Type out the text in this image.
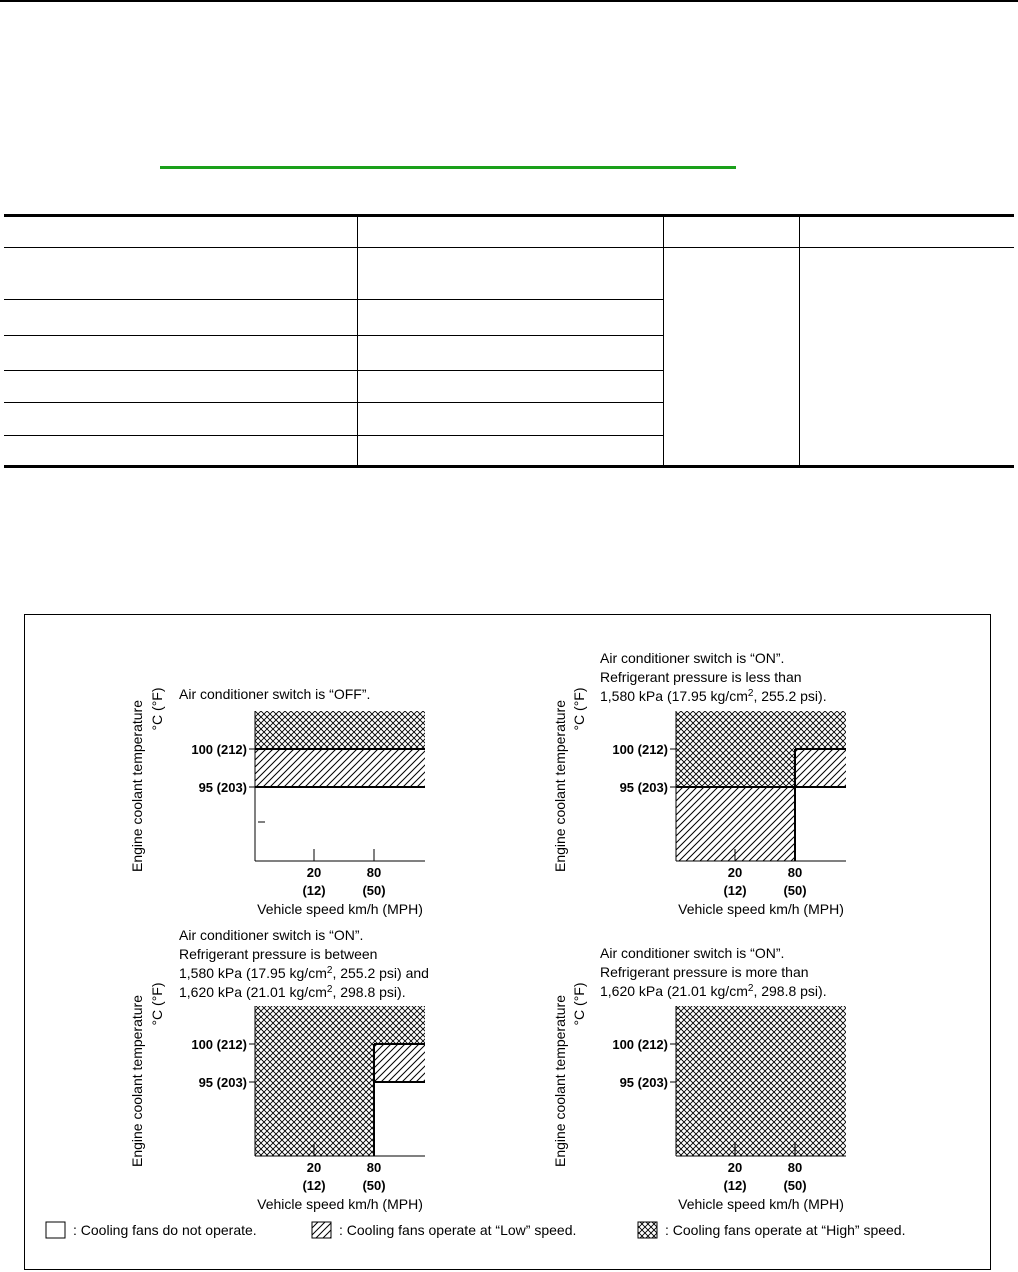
100 (212)
95 (203)
20
(12)
80
(50)
Vehicle speed km/h (MPH)
Engine coolant temperature °C (°F) Air conditioner switch is “OFF”.
100 (212)
95 (203)
20
(12)
80
(50)
Vehicle speed km/h (MPH)
Engine coolant temperature °C (°F)
Air conditioner switch is “ON”.
Refrigerant pressure is less than
1,580 kPa (17.95 $kg/cm^2$, 255.2 psi).
100 (212)
95 (203)
20
(12)
80
(50)
Vehicle speed km/h (MPH)
Engine coolant temperature °C (°F)
Air conditioner switch is “ON”.
Refrigerant pressure is between
1,580 kPa (17.95 $kg/cm^2$, 255.2 psi) and
1,620 kPa (21.01 $kg/cm^2$, 298.8 psi).
100 (212)
95 (203)
20
(12)
80
(50)
Vehicle speed km/h (MPH)
Engine coolant temperature °C (°F)
Air conditioner switch is “ON”.
Refrigerant pressure is more than
1,620 kPa (21.01 $kg/cm^2$, 298.8 psi).
: Cooling fans do not operate.	: Cooling fans operate at “Low” speed.	: Cooling fans operate at “High” speed.
